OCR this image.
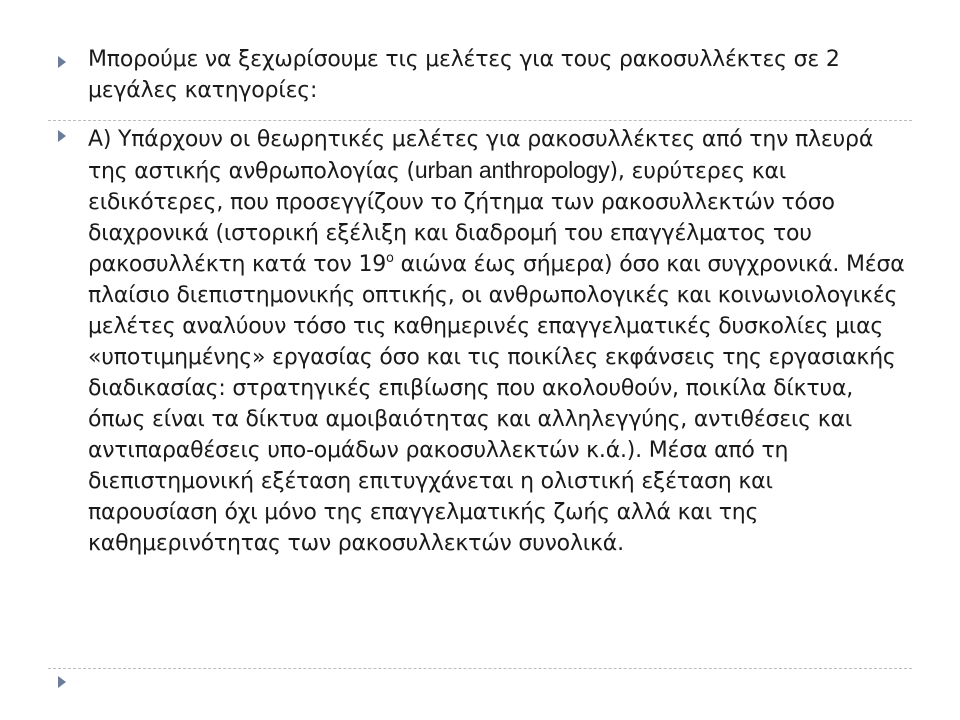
Μπορούμε να ξεχωρίσουμε τις μελέτες για τους ρακοσυλλέκτες σε 2 μεγάλες κατηγορίες:
Α) Υπάρχουν οι θεωρητικές μελέτες για ρακοσυλλέκτες από την πλευρά της αστικής ανθρωπολογίας (urban anthropology), ευρύτερες και ειδικότερες, που προσεγγίζουν το ζήτημα των ρακοσυλλεκτών τόσο διαχρονικά (ιστορική εξέλιξη και διαδρομή του επαγγέλματος του ρακοσυλλέκτη κατά τον $19^o$ αιώνα έως σήμερα) όσο και συγχρονικά. Μέσα πλαίσιο διεπιστημονικής οπτικής, οι ανθρωπολογικές και κοινωνιολογικές μελέτες αναλύουν τόσο τις καθημερινές επαγγελματικές δυσκολίες μιας «υποτιμημένης» εργασίας όσο και τις ποικίλες εκφάνσεις της εργασιακής διαδικασίας: στρατηγικές επιβίωσης που ακολουθούν, ποικίλα δίκτυα, όπως είναι τα δίκτυα αμοιβαιότητας και αλληλεγγύης, αντιθέσεις και αντιπαραθέσεις υπο-ομάδων ρακοσυλλεκτών κ.ά.). Μέσα από τη διεπιστημονική εξέταση επιτυγχάνεται η ολιστική εξέταση και παρουσίαση όχι μόνο της επαγγελματικής ζωής αλλά και της καθημερινότητας των ρακοσυλλεκτών συνολικά.
